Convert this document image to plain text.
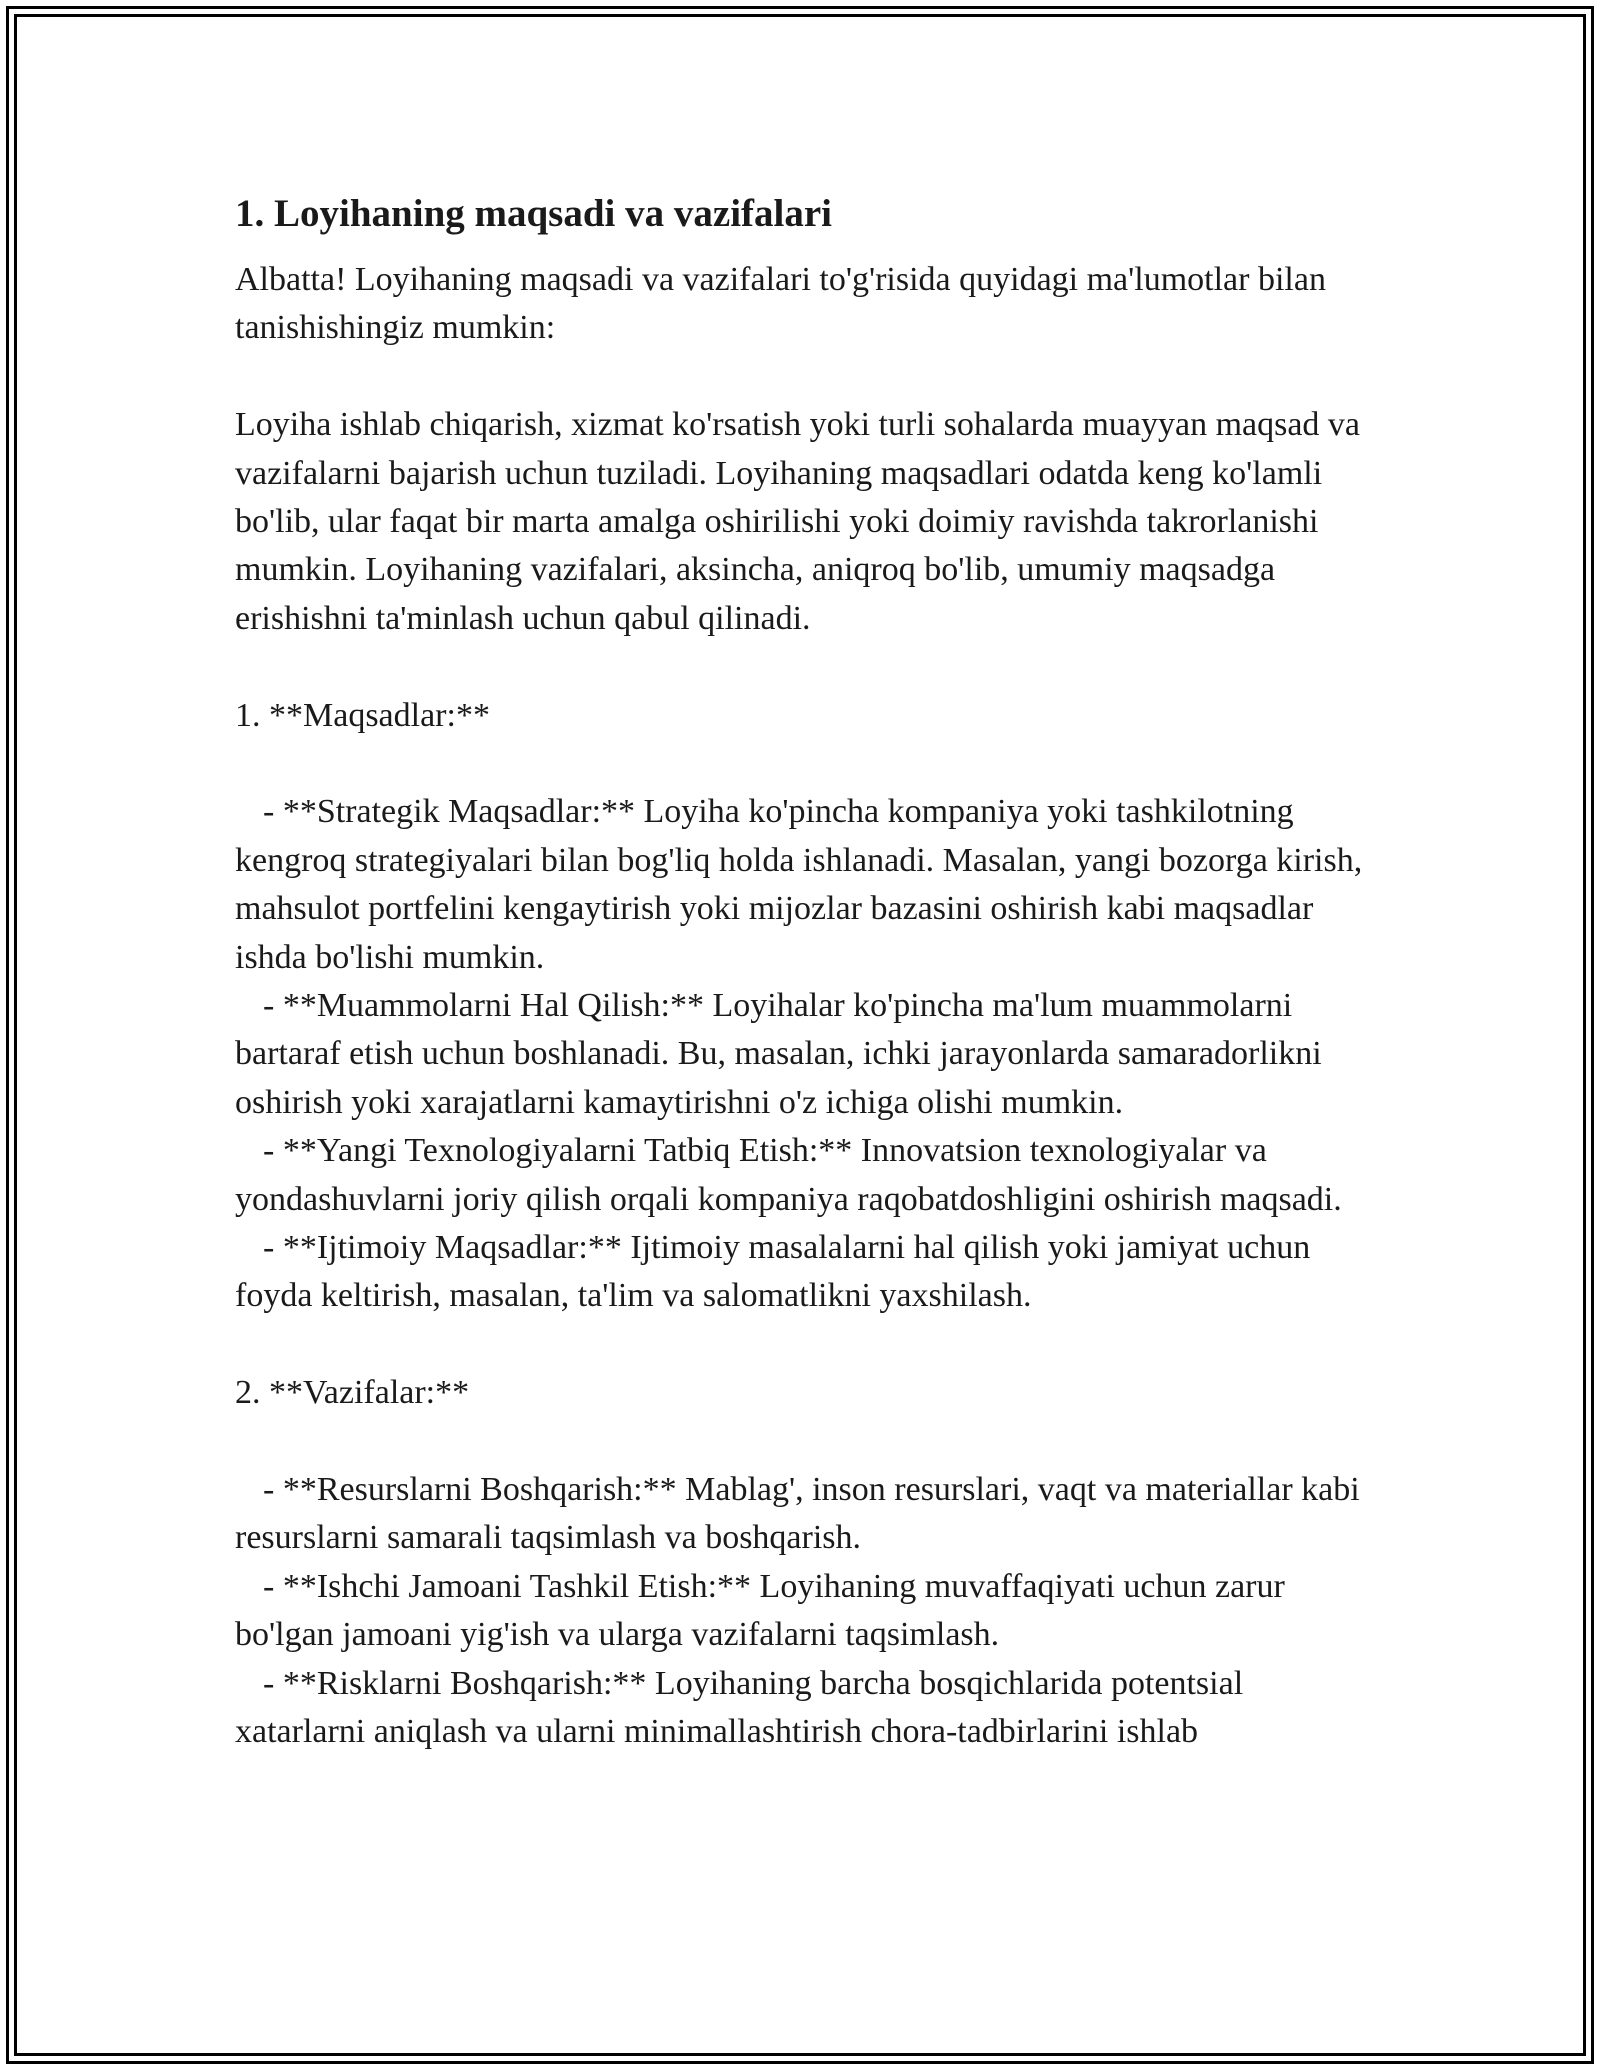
1. Loyihaning maqsadi va vazifalari

Albatta! Loyihaning maqsadi va vazifalari to'g'risida quyidagi ma'lumotlar bilan tanishishingiz mumkin:

Loyiha ishlab chiqarish, xizmat ko'rsatish yoki turli sohalarda muayyan maqsad va vazifalarni bajarish uchun tuziladi. Loyihaning maqsadlari odatda keng ko'lamli bo'lib, ular faqat bir marta amalga oshirilishi yoki doimiy ravishda takrorlanishi mumkin. Loyihaning vazifalari, aksincha, aniqroq bo'lib, umumiy maqsadga erishishni ta'minlash uchun qabul qilinadi.

1. **Maqsadlar:**

- **Strategik Maqsadlar:** Loyiha ko'pincha kompaniya yoki tashkilotning kengroq strategiyalari bilan bog'liq holda ishlanadi. Masalan, yangi bozorga kirish, mahsulot portfelini kengaytirish yoki mijozlar bazasini oshirish kabi maqsadlar ishda bo'lishi mumkin.

- **Muammolarni Hal Qilish:** Loyihalar ko'pincha ma'lum muammolarni bartaraf etish uchun boshlanadi. Bu, masalan, ichki jarayonlarda samaradorlikni oshirish yoki xarajatlarni kamaytirishni o'z ichiga olishi mumkin.

- **Yangi Texnologiyalarni Tatbiq Etish:** Innovatsion texnologiyalar va yondashuvlarni joriy qilish orqali kompaniya raqobatdoshligini oshirish maqsadi.

- **Ijtimoiy Maqsadlar:** Ijtimoiy masalalarni hal qilish yoki jamiyat uchun foyda keltirish, masalan, ta'lim va salomatlikni yaxshilash.

2. **Vazifalar:**

- **Resurslarni Boshqarish:** Mablag', inson resurslari, vaqt va materiallar kabi resurslarni samarali taqsimlash va boshqarish.

- **Ishchi Jamoani Tashkil Etish:** Loyihaning muvaffaqiyati uchun zarur bo'lgan jamoani yig'ish va ularga vazifalarni taqsimlash.

- **Risklarni Boshqarish:** Loyihaning barcha bosqichlarida potentsial xatarlarni aniqlash va ularni minimallashtirish chora-tadbirlarini ishlab
